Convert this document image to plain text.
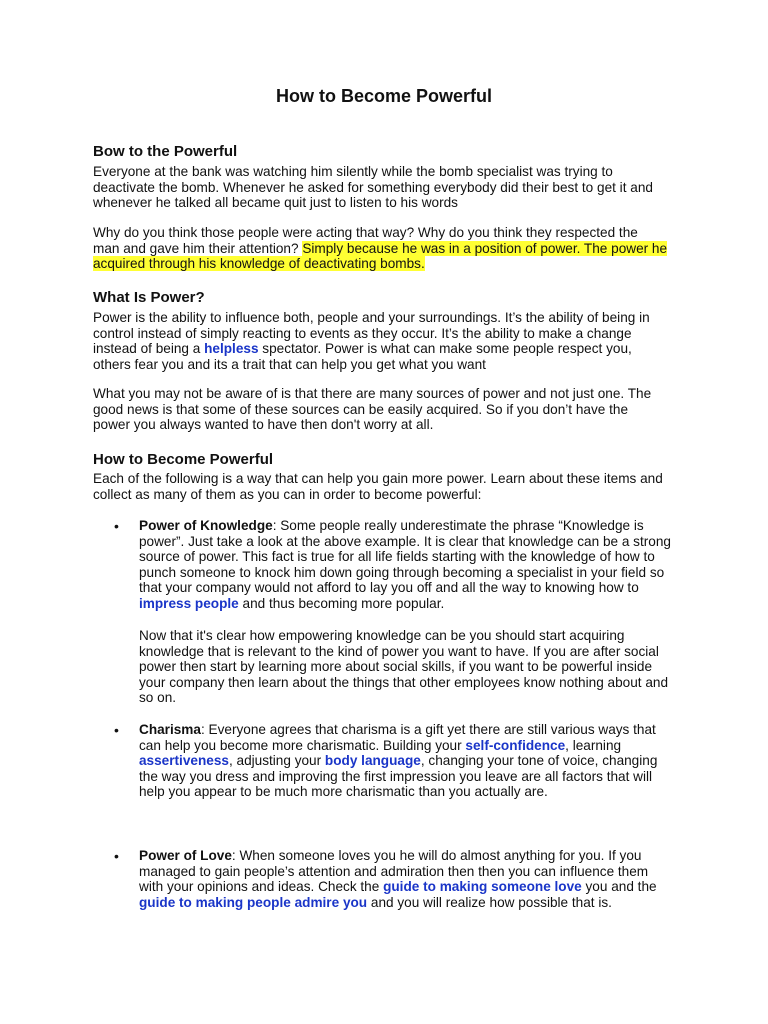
How to Become Powerful
Bow to the Powerful

Everyone at the bank was watching him silently while the bomb specialist was trying to deactivate the bomb. Whenever he asked for something everybody did their best to get it and whenever he talked all became quit just to listen to his words

Why do you think those people were acting that way? Why do you think they respected the man and gave him their attention? Simply because he was in a position of power. The power he acquired through his knowledge of deactivating bombs.

What Is Power?

Power is the ability to influence both, people and your surroundings. It’s the ability of being in control instead of simply reacting to events as they occur. It’s the ability to make a change instead of being a helpless spectator. Power is what can make some people respect you, others fear you and its a trait that can help you get what you want

What you may not be aware of is that there are many sources of power and not just one. The good news is that some of these sources can be easily acquired. So if you don’t have the power you always wanted to have then don't worry at all.

How to Become Powerful

Each of the following is a way that can help you gain more power. Learn about these items and collect as many of them as you can in order to become powerful:

• Power of Knowledge: Some people really underestimate the phrase “Knowledge is power”. Just take a look at the above example. It is clear that knowledge can be a strong source of power. This fact is true for all life fields starting with the knowledge of how to punch someone to knock him down going through becoming a specialist in your field so that your company would not afford to lay you off and all the way to knowing how to impress people and thus becoming more popular.

Now that it's clear how empowering knowledge can be you should start acquiring knowledge that is relevant to the kind of power you want to have. If you are after social power then start by learning more about social skills, if you want to be powerful inside your company then learn about the things that other employees know nothing about and so on.

• Charisma: Everyone agrees that charisma is a gift yet there are still various ways that can help you become more charismatic. Building your self-confidence, learning assertiveness, adjusting your body language, changing your tone of voice, changing the way you dress and improving the first impression you leave are all factors that will help you appear to be much more charismatic than you actually are.

• Power of Love: When someone loves you he will do almost anything for you. If you managed to gain people’s attention and admiration then then you can influence them with your opinions and ideas. Check the guide to making someone love you and the guide to making people admire you and you will realize how possible that is.
